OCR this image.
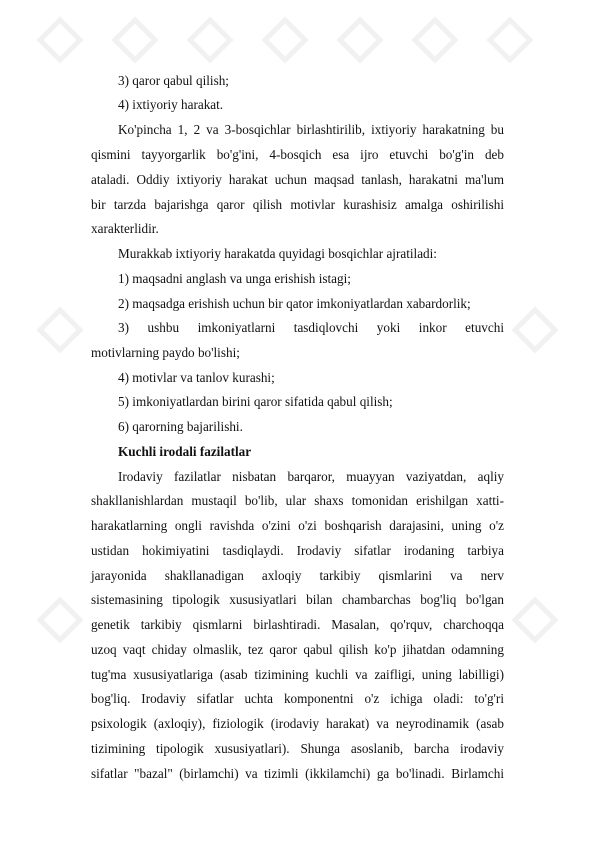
3) qaror qabul qilish;
4) ixtiyoriy harakat.
Ko'pincha 1, 2 va 3-bosqichlar birlashtirilib, ixtiyoriy harakatning bu
qismini tayyorgarlik bo'g'ini, 4-bosqich esa ijro etuvchi bo'g'in deb
ataladi. Oddiy ixtiyoriy harakat uchun maqsad tanlash, harakatni ma'lum
bir tarzda bajarishga qaror qilish motivlar kurashisiz amalga oshirilishi
xarakterlidir.
Murakkab ixtiyoriy harakatda quyidagi bosqichlar ajratiladi:
1) maqsadni anglash va unga erishish istagi;
2) maqsadga erishish uchun bir qator imkoniyatlardan xabardorlik;
3)    ushbu    imkoniyatlarni    tasdiqlovchi    yoki    inkor    etuvchi
motivlarning paydo bo'lishi;
4) motivlar va tanlov kurashi;
5) imkoniyatlardan birini qaror sifatida qabul qilish;
6) qarorning bajarilishi.
Kuchli irodali fazilatlar
Irodaviy fazilatlar nisbatan barqaror, muayyan vaziyatdan, aqliy
shakllanishlardan mustaqil bo'lib, ular shaxs tomonidan erishilgan xatti-
harakatlarning ongli ravishda o'zini o'zi boshqarish darajasini, uning o'z
ustidan hokimiyatini tasdiqlaydi. Irodaviy sifatlar irodaning tarbiya
jarayonida shakllanadigan axloqiy tarkibiy qismlarini va nerv
sistemasining tipologik xususiyatlari bilan chambarchas bog'liq bo'lgan
genetik tarkibiy qismlarni birlashtiradi. Masalan, qo'rquv, charchoqqa
uzoq vaqt chiday olmaslik, tez qaror qabul qilish ko'p jihatdan odamning
tug'ma xususiyatlariga (asab tizimining kuchli va zaifligi, uning labilligi)
bog'liq. Irodaviy sifatlar uchta komponentni o'z ichiga oladi: to'g'ri
psixologik (axloqiy), fiziologik (irodaviy harakat) va neyrodinamik (asab
tizimining tipologik xususiyatlari). Shunga asoslanib, barcha irodaviy
sifatlar "bazal" (birlamchi) va tizimli (ikkilamchi) ga bo'linadi. Birlamchi
